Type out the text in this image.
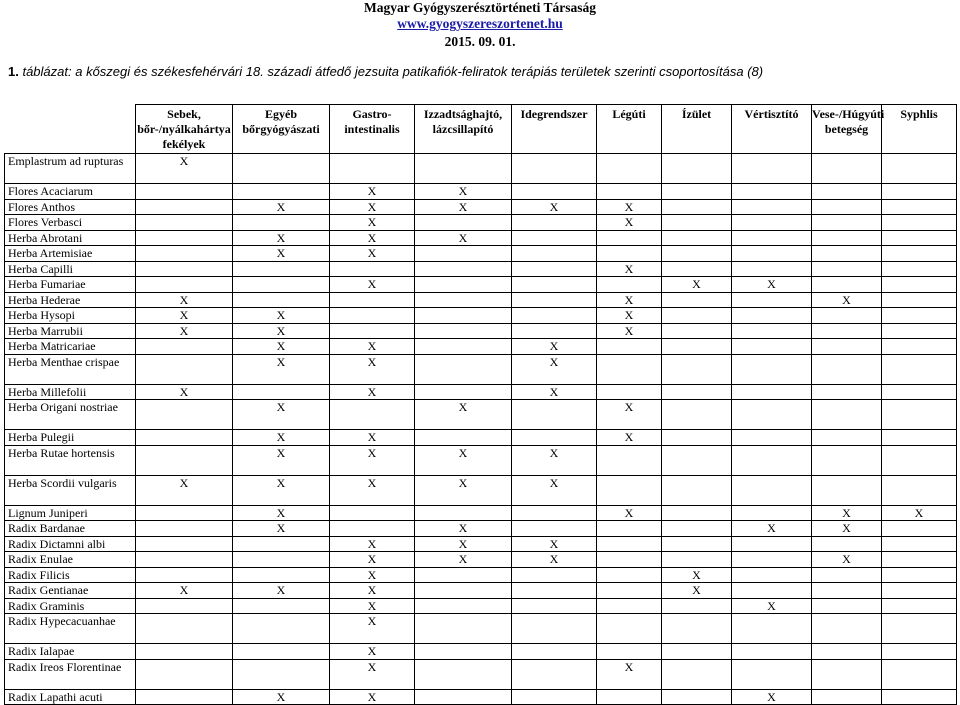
Magyar Gyógyszerésztörténeti Társaság
www.gyogyszereszortenet.hu
2015. 09. 01.
1. táblázat: a kőszegi és székesfehérvári 18. századi átfedő jezsuita patikafiók-feliratok terápiás területek szerinti csoportosítása (8)
	Sebek, bőr-/nyálkahártya fekélyek	Egyéb bőrgyógyászati	Gastro-intestinalis	Izzadtsághajtó, lázcsillapító	Idegrendszer	Légúti	Ízület	Vértisztító	Vese-/Húgyúti betegség	Syphlis
Emplastrum ad rupturas	X									
Flores Acaciarum			X	X						
Flores Anthos		X	X	X	X	X				
Flores Verbasci			X			X				
Herba Abrotani		X	X	X						
Herba Artemisiae		X	X							
Herba Capilli						X				
Herba Fumariae			X				X	X		
Herba Hederae	X					X			X	
Herba Hysopi	X	X				X				
Herba Marrubii	X	X				X				
Herba Matricariae		X	X		X					
Herba Menthae crispae		X	X		X					
Herba Millefolii	X		X		X					
Herba Origani nostriae		X		X		X				
Herba Pulegii		X	X			X				
Herba Rutae hortensis		X	X	X	X					
Herba Scordii vulgaris	X	X	X	X	X					
Lignum Juniperi		X				X			X	X
Radix Bardanae		X		X				X	X	
Radix Dictamni albi			X	X	X					
Radix Enulae			X	X	X				X	
Radix Filicis			X				X			
Radix Gentianae	X	X	X				X			
Radix Graminis			X					X		
Radix Hypecacuanhae			X							
Radix Ialapae			X							
Radix Ireos Florentinae			X			X				
Radix Lapathi acuti		X	X					X		
